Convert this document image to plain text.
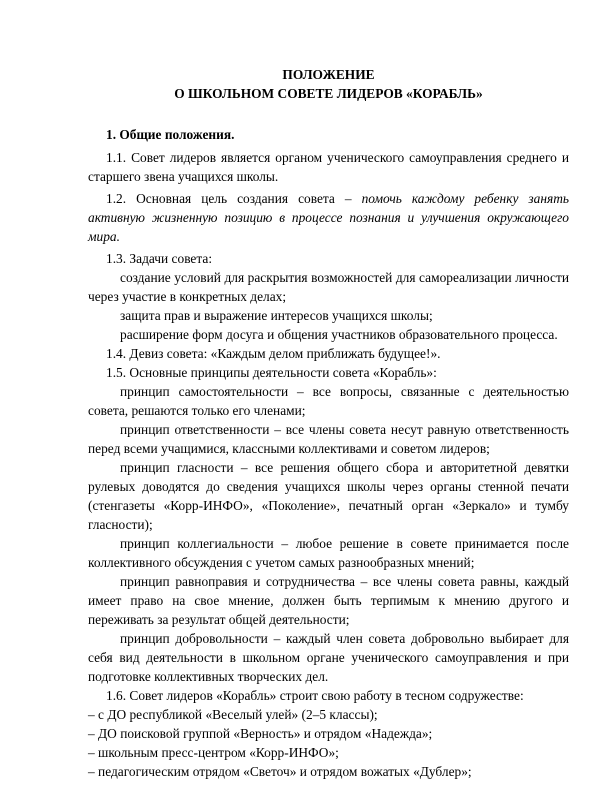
ПОЛОЖЕНИЕ
О ШКОЛЬНОМ СОВЕТЕ ЛИДЕРОВ «КОРАБЛЬ»
1. Общие положения.

1.1. Совет лидеров является органом ученического самоуправления среднего и старшего звена учащихся школы.

1.2. Основная цель создания совета – помочь каждому ребенку занять активную жизненную позицию в процессе познания и улучшения окружающего мира.

1.3. Задачи совета:

создание условий для раскрытия возможностей для самореализации личности через участие в конкретных делах;

защита прав и выражение интересов учащихся школы;

расширение форм досуга и общения участников образовательного процесса.

1.4. Девиз совета: «Каждым делом приближать будущее!».

1.5. Основные принципы деятельности совета «Корабль»:

принцип самостоятельности – все вопросы, связанные с деятельностью совета, решаются только его членами;

принцип ответственности – все члены совета несут равную ответственность перед всеми учащимися, классными коллективами и советом лидеров;

принцип гласности – все решения общего сбора и авторитетной девятки рулевых доводятся до сведения учащихся школы через органы стенной печати (стенгазеты «Корр-ИНФО», «Поколение», печатный орган «Зеркало» и тумбу гласности);

принцип коллегиальности – любое решение в совете принимается после коллективного обсуждения с учетом самых разнообразных мнений;

принцип равноправия и сотрудничества – все члены совета равны, каждый имеет право на свое мнение, должен быть терпимым к мнению другого и переживать за результат общей деятельности;

принцип добровольности – каждый член совета добровольно выбирает для себя вид деятельности в школьном органе ученического самоуправления и при подготовке коллективных творческих дел.

1.6. Совет лидеров «Корабль» строит свою работу в тесном содружестве:

– с ДО республикой «Веселый улей» (2–5 классы);

– ДО поисковой группой «Верность» и отрядом «Надежда»;

– школьным пресс-центром «Корр-ИНФО»;

– педагогическим отрядом «Светоч» и отрядом вожатых «Дублер»;
